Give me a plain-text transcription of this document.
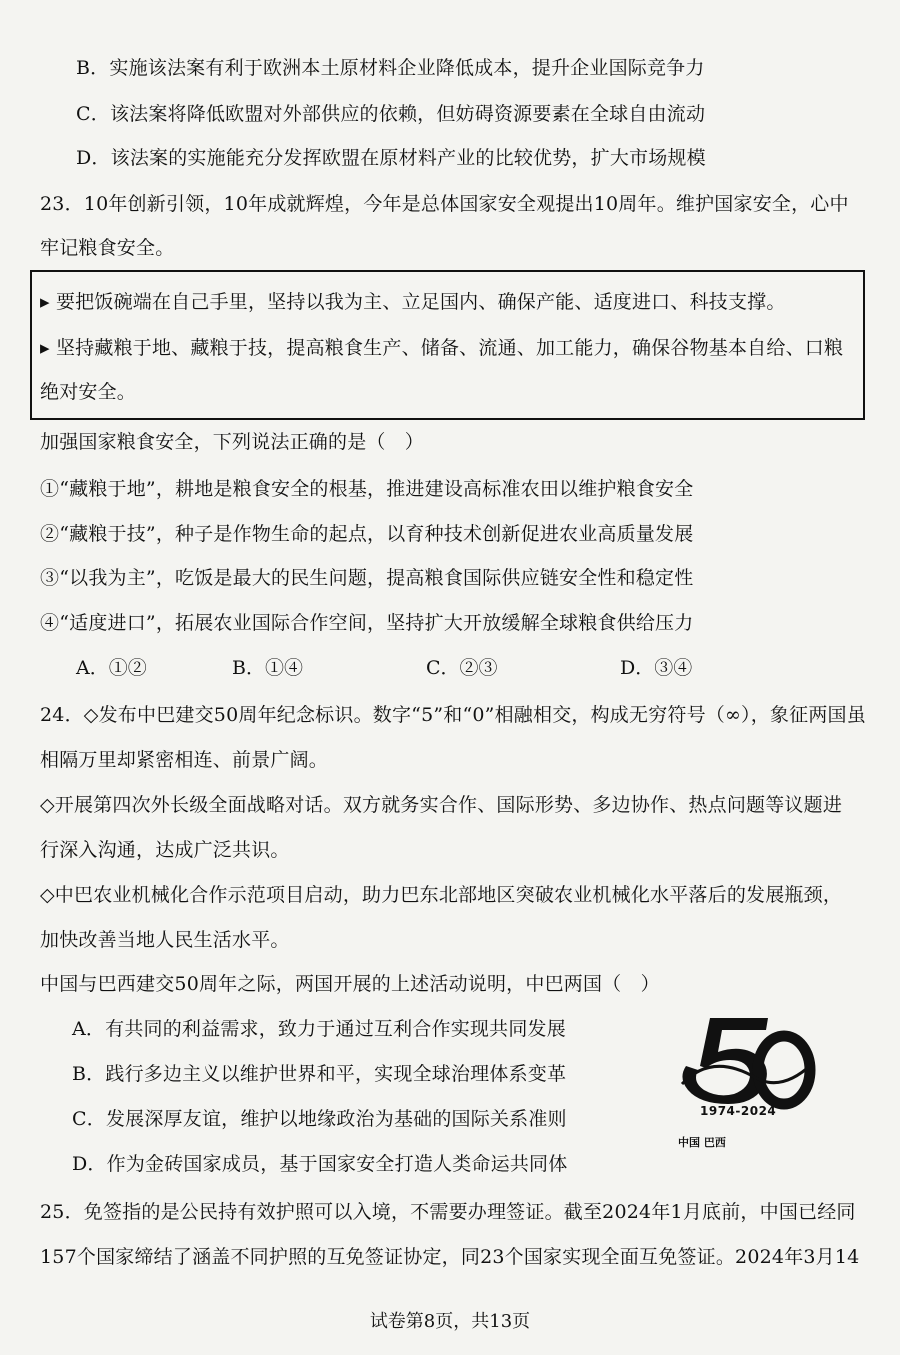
B．实施该法案有利于欧洲本土原材料企业降低成本，提升企业国际竞争力
C．该法案将降低欧盟对外部供应的依赖，但妨碍资源要素在全球自由流动
D．该法案的实施能充分发挥欧盟在原材料产业的比较优势，扩大市场规模
23．10年创新引领，10年成就辉煌，今年是总体国家安全观提出10周年。维护国家安全，心中
牢记粮食安全。
▸ 要把饭碗端在自己手里，坚持以我为主、立足国内、确保产能、适度进口、科技支撑。
▸ 坚持藏粮于地、藏粮于技，提高粮食生产、储备、流通、加工能力，确保谷物基本自给、口粮
绝对安全。
加强国家粮食安全，下列说法正确的是（　）
①“藏粮于地”，耕地是粮食安全的根基，推进建设高标准农田以维护粮食安全
②“藏粮于技”，种子是作物生命的起点，以育种技术创新促进农业高质量发展
③“以我为主”，吃饭是最大的民生问题，提高粮食国际供应链安全性和稳定性
④“适度进口”，拓展农业国际合作空间，坚持扩大开放缓解全球粮食供给压力
A．①②	B．①④	C．②③	D．③④
24．◇发布中巴建交50周年纪念标识。数字“5”和“0”相融相交，构成无穷符号（∞），象征两国虽
相隔万里却紧密相连、前景广阔。
◇开展第四次外长级全面战略对话。双方就务实合作、国际形势、多边协作、热点问题等议题进
行深入沟通，达成广泛共识。
◇中巴农业机械化合作示范项目启动，助力巴东北部地区突破农业机械化水平落后的发展瓶颈，
加快改善当地人民生活水平。
中国与巴西建交50周年之际，两国开展的上述活动说明，中巴两国（　）
A．有共同的利益需求，致力于通过互利合作实现共同发展
B．践行多边主义以维护世界和平，实现全球治理体系变革
C．发展深厚友谊，维护以地缘政治为基础的国际关系准则
D．作为金砖国家成员，基于国家安全打造人类命运共同体
1974-2024
中国 巴西
25．免签指的是公民持有效护照可以入境，不需要办理签证。截至2024年1月底前，中国已经同
157个国家缔结了涵盖不同护照的互免签证协定，同23个国家实现全面互免签证。2024年3月14
试卷第8页，共13页
